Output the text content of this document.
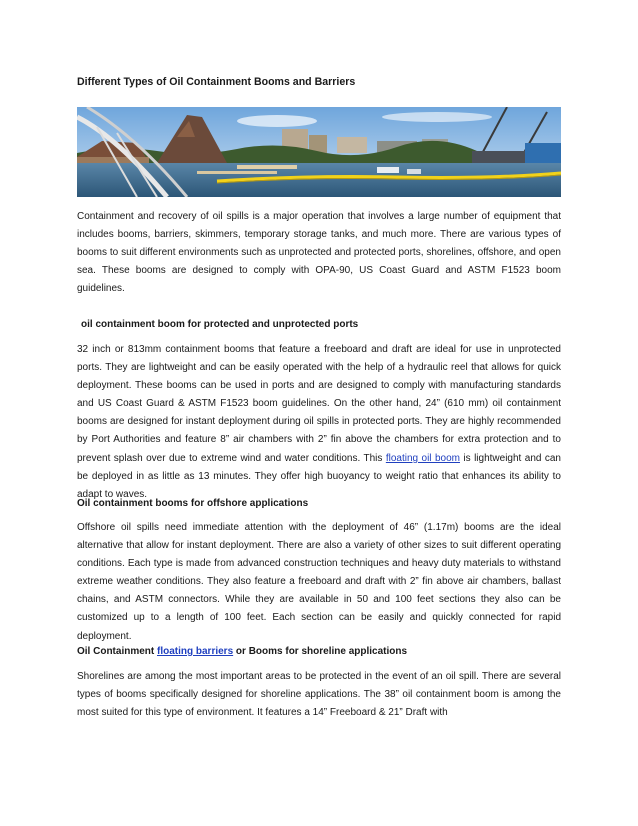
Different Types of Oil Containment Booms and Barriers

Containment and recovery of oil spills is a major operation that involves a large number of equipment that includes booms, barriers, skimmers, temporary storage tanks, and much more. There are various types of booms to suit different environments such as unprotected and protected ports, shorelines, offshore, and open sea. These booms are designed to comply with OPA-90, US Coast Guard and ASTM F1523 boom guidelines.

oil containment boom for protected and unprotected ports

32 inch or 813mm containment booms that feature a freeboard and draft are ideal for use in unprotected ports. They are lightweight and can be easily operated with the help of a hydraulic reel that allows for quick deployment. These booms can be used in ports and are designed to comply with manufacturing standards and US Coast Guard & ASTM F1523 boom guidelines. On the other hand, 24” (610 mm) oil containment booms are designed for instant deployment during oil spills in protected ports. They are highly recommended by Port Authorities and feature 8” air chambers with 2” fin above the chambers for extra protection and to prevent splash over due to extreme wind and water conditions. This floating oil boom is lightweight and can be deployed in as little as 13 minutes. They offer high buoyancy to weight ratio that enhances its ability to adapt to waves.

Oil containment booms for offshore applications

Offshore oil spills need immediate attention with the deployment of 46” (1.17m) booms are the ideal alternative that allow for instant deployment. There are also a variety of other sizes to suit different operating conditions. Each type is made from advanced construction techniques and heavy duty materials to withstand extreme weather conditions. They also feature a freeboard and draft with 2” fin above air chambers, ballast chains, and ASTM connectors. While they are available in 50 and 100 feet sections they also can be customized up to a length of 100 feet. Each section can be easily and quickly connected for rapid deployment.

Oil Containment floating barriers or Booms for shoreline applications

Shorelines are among the most important areas to be protected in the event of an oil spill. There are several types of booms specifically designed for shoreline applications. The 38” oil containment boom is among the most suited for this type of environment. It features a 14” Freeboard & 21” Draft with
